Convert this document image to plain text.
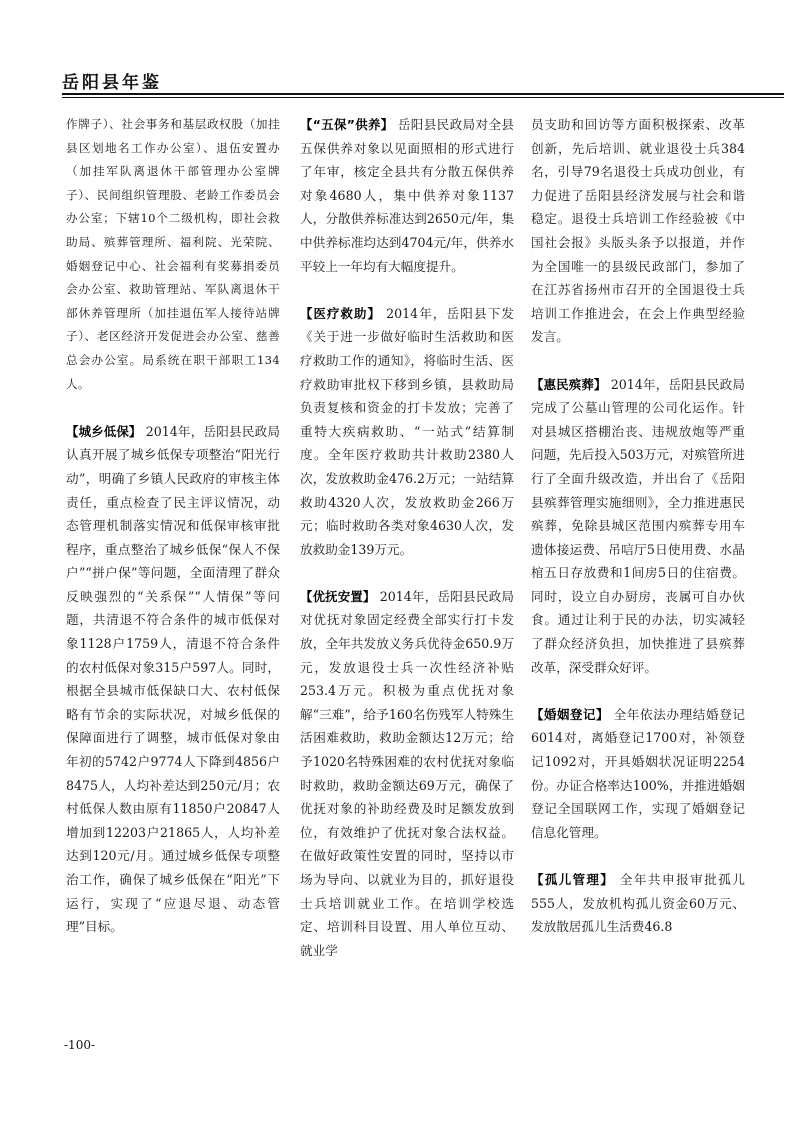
岳阳县年鉴

作牌子）、社会事务和基层政权股（加挂县区划地名工作办公室）、退伍安置办（加挂军队离退休干部管理办公室牌子）、民间组织管理股、老龄工作委员会办公室；下辖10个二级机构，即社会救助局、殡葬管理所、福利院、光荣院、婚姻登记中心、社会福利有奖募捐委员会办公室、救助管理站、军队离退休干部休养管理所（加挂退伍军人接待站牌子）、老区经济开发促进会办公室、慈善总会办公室。局系统在职干部职工134人。

【城乡低保】 2014年，岳阳县民政局认真开展了城乡低保专项整治“阳光行动”，明确了乡镇人民政府的审核主体责任，重点检查了民主评议情况，动态管理机制落实情况和低保审核审批程序，重点整治了城乡低保“保人不保户”“拼户保”等问题，全面清理了群众反映强烈的“关系保”“人情保”等问题，共清退不符合条件的城市低保对象1128户1759人，清退不符合条件的农村低保对象315户597人。同时，根据全县城市低保缺口大、农村低保略有节余的实际状况，对城乡低保的保障面进行了调整，城市低保对象由年初的5742户9774人下降到4856户8475人，人均补差达到250元/月；农村低保人数由原有11850户20847人增加到12203户21865人，人均补差达到120元/月。通过城乡低保专项整治工作，确保了城乡低保在“阳光”下运行，实现了“应退尽退、动态管理”目标。

【“五保”供养】 岳阳县民政局对全县五保供养对象以见面照相的形式进行了年审，核定全县共有分散五保供养对象4680人，集中供养对象1137人，分散供养标准达到2650元/年，集中供养标准均达到4704元/年，供养水平较上一年均有大幅度提升。

【医疗救助】 2014年，岳阳县下发《关于进一步做好临时生活救助和医疗救助工作的通知》，将临时生活、医疗救助审批权下移到乡镇，县救助局负责复核和资金的打卡发放；完善了重特大疾病救助、“一站式”结算制度。全年医疗救助共计救助2380人次，发放救助金476.2万元；一站结算救助4320人次，发放救助金266万元；临时救助各类对象4630人次，发放救助金139万元。

【优抚安置】 2014年，岳阳县民政局对优抚对象固定经费全部实行打卡发放，全年共发放义务兵优待金650.9万元，发放退役士兵一次性经济补贴253.4万元。积极为重点优抚对象解“三难”，给予160名伤残军人特殊生活困难救助，救助金额达12万元；给予1020名特殊困难的农村优抚对象临时救助，救助金额达69万元，确保了优抚对象的补助经费及时足额发放到位，有效维护了优抚对象合法权益。在做好政策性安置的同时，坚持以市场为导向、以就业为目的，抓好退役士兵培训就业工作。在培训学校选定、培训科目设置、用人单位互动、就业学

员支助和回访等方面积极探索、改革创新，先后培训、就业退役士兵384名，引导79名退役士兵成功创业，有力促进了岳阳县经济发展与社会和谐稳定。退役士兵培训工作经验被《中国社会报》头版头条予以报道，并作为全国唯一的县级民政部门，参加了在江苏省扬州市召开的全国退役士兵培训工作推进会，在会上作典型经验发言。

【惠民殡葬】 2014年，岳阳县民政局完成了公墓山管理的公司化运作。针对县城区搭棚治丧、违规放炮等严重问题，先后投入503万元，对殡管所进行了全面升级改造，并出台了《岳阳县殡葬管理实施细则》，全力推进惠民殡葬，免除县城区范围内殡葬专用车遗体接运费、吊唁厅5日使用费、水晶棺五日存放费和1间房5日的住宿费。同时，设立自办厨房，丧属可自办伙食。通过让利于民的办法，切实减轻了群众经济负担，加快推进了县殡葬改革，深受群众好评。

【婚姻登记】 全年依法办理结婚登记6014对，离婚登记1700对，补领登记1092对，开具婚姻状况证明2254份。办证合格率达100%，并推进婚姻登记全国联网工作，实现了婚姻登记信息化管理。

【孤儿管理】 全年共申报审批孤儿555人，发放机构孤儿资金60万元、发放散居孤儿生活费46.8

-100-
